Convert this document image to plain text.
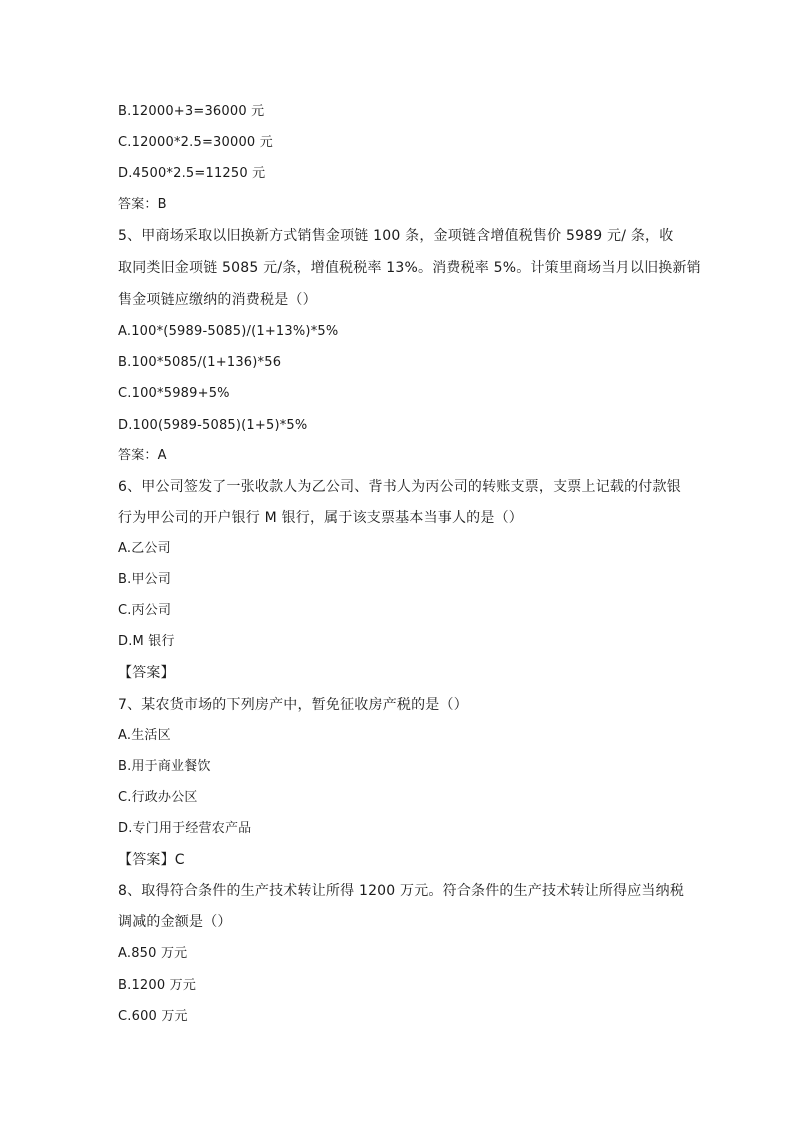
B.12000+3=36000 元
C.12000*2.5=30000 元
D.4500*2.5=11250 元
答案：B
5、甲商场采取以旧换新方式销售金项链 100 条，金项链含增值税售价 5989 元/ 条，收
取同类旧金项链 5085 元/条，增值税税率 13%。消费税率 5%。计策里商场当月以旧换新销
售金项链应缴纳的消费税是（）
A.100*(5989-5085)/(1+13%)*5%
B.100*5085/(1+136)*56
C.100*5989+5%
D.100(5989-5085)(1+5)*5%
答案：A
6、甲公司签发了一张收款人为乙公司、背书人为丙公司的转账支票，支票上记载的付款银
行为甲公司的开户银行 M 银行，属于该支票基本当事人的是（）
A.乙公司
B.甲公司
C.丙公司
D.M 银行
【答案】
7、某农货市场的下列房产中，暂免征收房产税的是（）
A.生活区
B.用于商业餐饮
C.行政办公区
D.专门用于经营农产品
【答案】C
8、取得符合条件的生产技术转让所得 1200 万元。符合条件的生产技术转让所得应当纳税
调减的金额是（）
A.850 万元
B.1200 万元
C.600 万元
